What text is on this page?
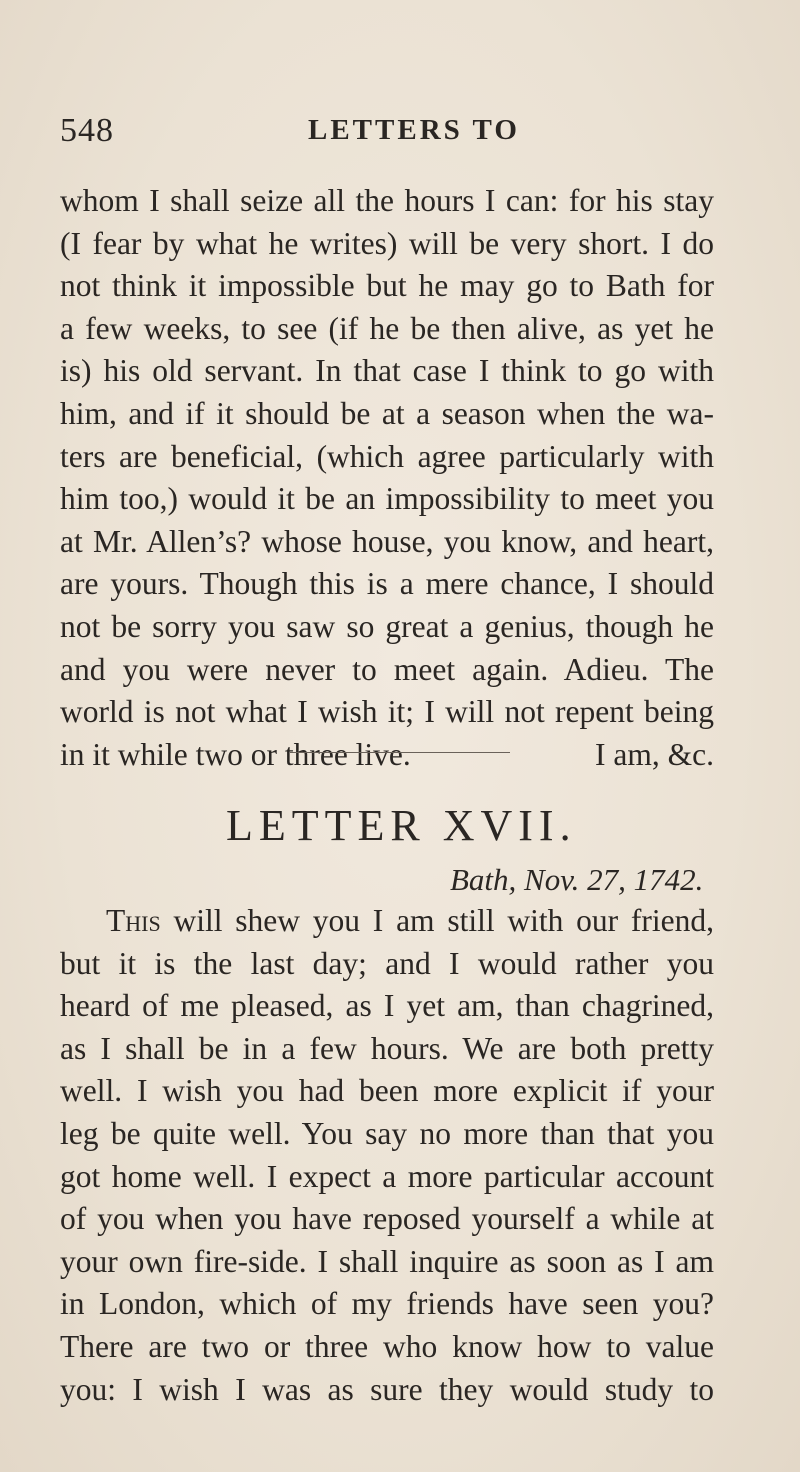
548	LETTERS TO
whom I shall seize all the hours I can: for his stay
(I fear by what he writes) will be very short. I do
not think it impossible but he may go to Bath for
a few weeks, to see (if he be then alive, as yet he
is) his old servant. In that case I think to go with
him, and if it should be at a season when the wa-
ters are beneficial, (which agree particularly with
him too,) would it be an impossibility to meet you
at Mr. Allen’s? whose house, you know, and heart,
are yours. Though this is a mere chance, I should
not be sorry you saw so great a genius, though he
and you were never to meet again. Adieu. The
world is not what I wish it; I will not repent being
in it while two or three live.	I am, &c.
LETTER XVII.
Bath, Nov. 27, 1742.
This will shew you I am still with our friend,
but it is the last day; and I would rather you
heard of me pleased, as I yet am, than chagrined,
as I shall be in a few hours. We are both pretty
well. I wish you had been more explicit if your
leg be quite well. You say no more than that you
got home well. I expect a more particular account
of you when you have reposed yourself a while at
your own fire-side. I shall inquire as soon as I am
in London, which of my friends have seen you?
There are two or three who know how to value
you: I wish I was as sure they would study to
